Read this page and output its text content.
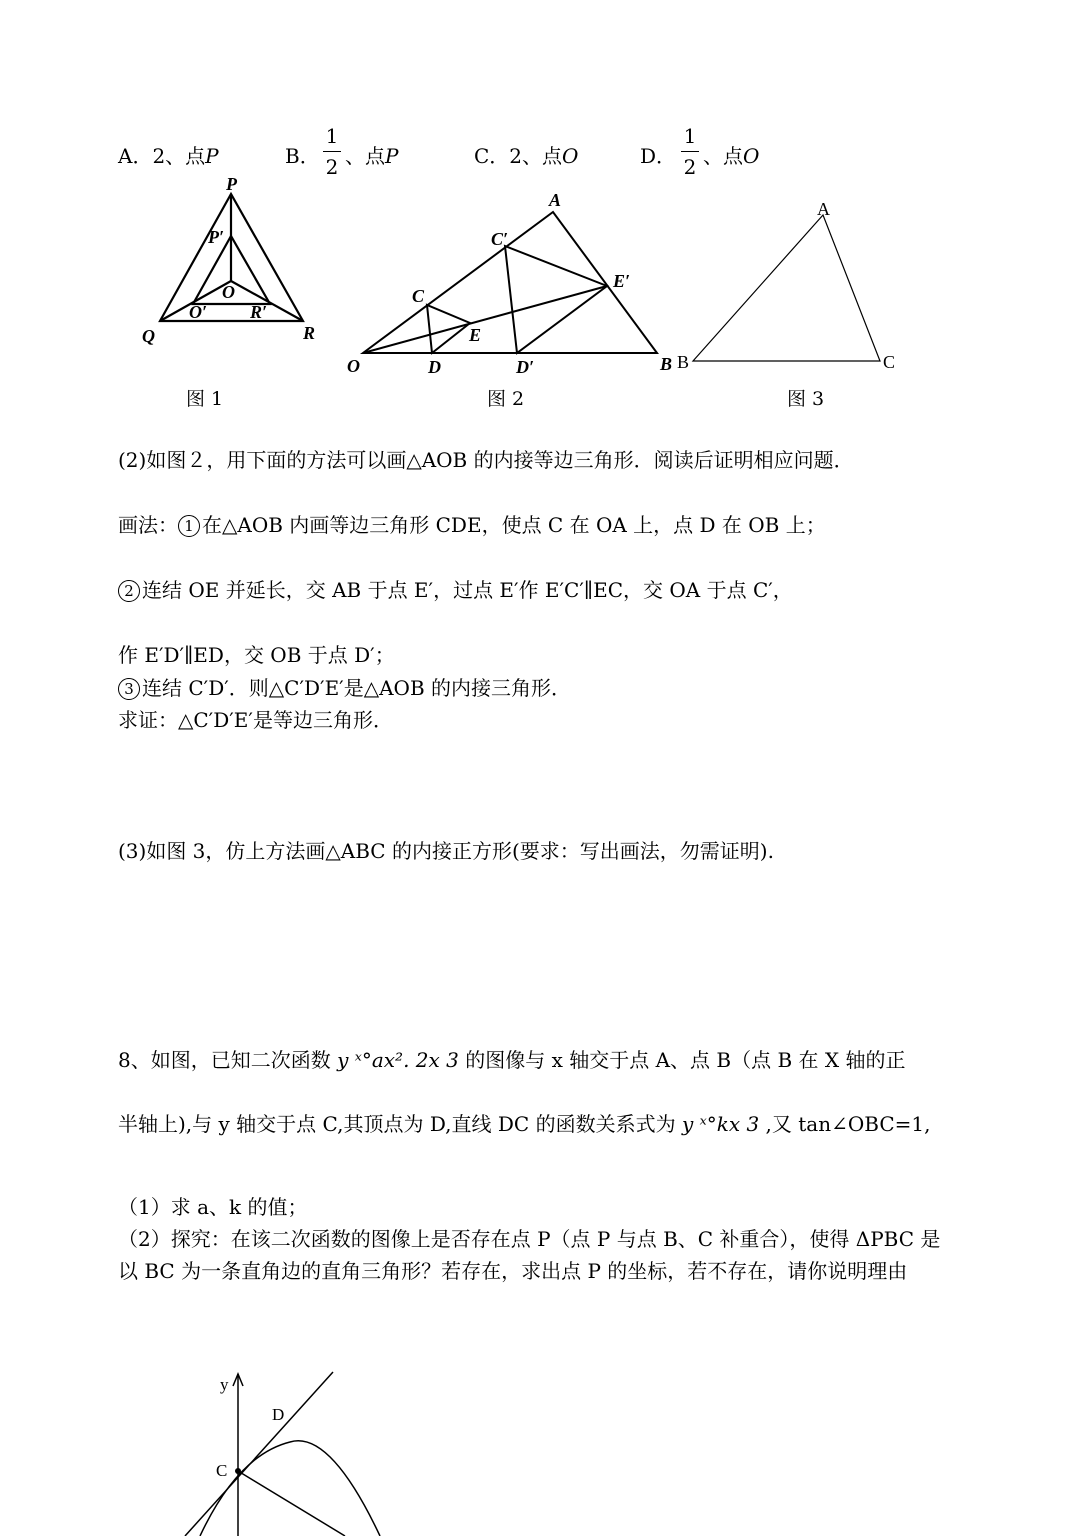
A．2、点P	B．
1
2 、点P	C．2、点O	D．
1
2 、点O
P
P′
O
O′ R′
Q	R
A
C′
E′
C
E
O	D	D′	B
A
B	C
图 1	图 2	图 3
(2)如图２，用下面的方法可以画△AOB 的内接等边三角形．阅读后证明相应问题．
画法： 1 在△AOB 内画等边三角形 CDE，使点 C 在 OA 上，点 D 在 OB 上；
2 连结 OE 并延长，交 AB 于点 E′，过点 E′作 E′C′∥EC，交 OA 于点 C′，
作 E′D′∥ED，交 OB 于点 D′；
3 连结 C′D′．则△C′D′E′是△AOB 的内接三角形．
求证：△C′D′E′是等边三角形．
(3)如图 3，仿上方法画△ABC 的内接正方形(要求：写出画法，勿需证明).
8、如图，已知二次函数 y ˣ°ax². 2x 3 的图像与 x 轴交于点 A、点 B（点 B 在 X 轴的正
半轴上),与 y 轴交于点 C,其顶点为 D,直线 DC 的函数关系式为 y ˣ°kx 3 ,又 tan∠OBC=1,
（1）求 a、k 的值；
（2）探究：在该二次函数的图像上是否存在点 P（点 P 与点 B、C 补重合），使得 ΔPBC 是
以 BC 为一条直角边的直角三角形？若存在，求出点 P 的坐标，若不存在，请你说明理由
y
D
C
